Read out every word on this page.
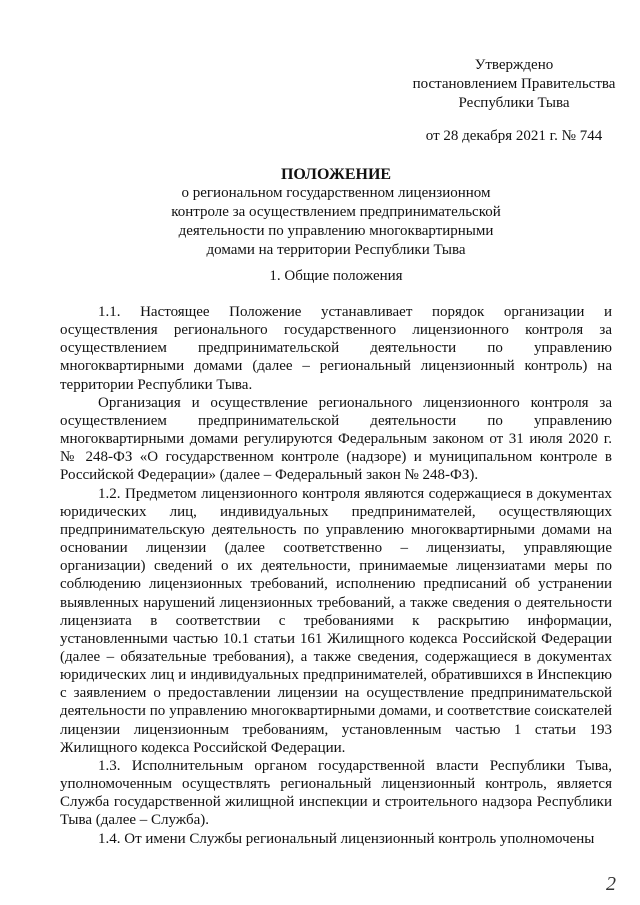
Утверждено
постановлением Правительства
Республики Тыва
от 28 декабря 2021 г. № 744
ПОЛОЖЕНИЕ
о региональном государственном лицензионном
контроле за осуществлением предпринимательской
деятельности по управлению многоквартирными
домами на территории Республики Тыва
1. Общие положения

1.1. Настоящее Положение устанавливает порядок организации и осуществления регионального государственного лицензионного контроля за осуществлением предпринимательской деятельности по управлению многоквартирными домами (далее – региональный лицензионный контроль) на территории Республики Тыва.

Организация и осуществление регионального лицензионного контроля за осуществлением предпринимательской деятельности по управлению многоквартирными домами регулируются Федеральным законом от 31 июля 2020 г. № 248-ФЗ «О государственном контроле (надзоре) и муниципальном контроле в Российской Федерации» (далее – Федеральный закон № 248-ФЗ).

1.2. Предметом лицензионного контроля являются содержащиеся в документах юридических лиц, индивидуальных предпринимателей, осуществляющих предпринимательскую деятельность по управлению многоквартирными домами на основании лицензии (далее соответственно – лицензиаты, управляющие организации) сведений о их деятельности, принимаемые лицензиатами меры по соблюдению лицензионных требований, исполнению предписаний об устранении выявленных нарушений лицензионных требований, а также сведения о деятельности лицензиата в соответствии с требованиями к раскрытию информации, установленными частью 10.1 статьи 161 Жилищного кодекса Российской Федерации (далее – обязательные требования), а также сведения, содержащиеся в документах юридических лиц и индивидуальных предпринимателей, обратившихся в Инспекцию с заявлением о предоставлении лицензии на осуществление предпринимательской деятельности по управлению многоквартирными домами, и соответствие соискателей лицензии лицензионным требованиям, установленным частью 1 статьи 193 Жилищного кодекса Российской Федерации.

1.3. Исполнительным органом государственной власти Республики Тыва, уполномоченным осуществлять региональный лицензионный контроль, является Служба государственной жилищной инспекции и строительного надзора Республики Тыва (далее – Служба).

1.4. От имени Службы региональный лицензионный контроль уполномочены

2
